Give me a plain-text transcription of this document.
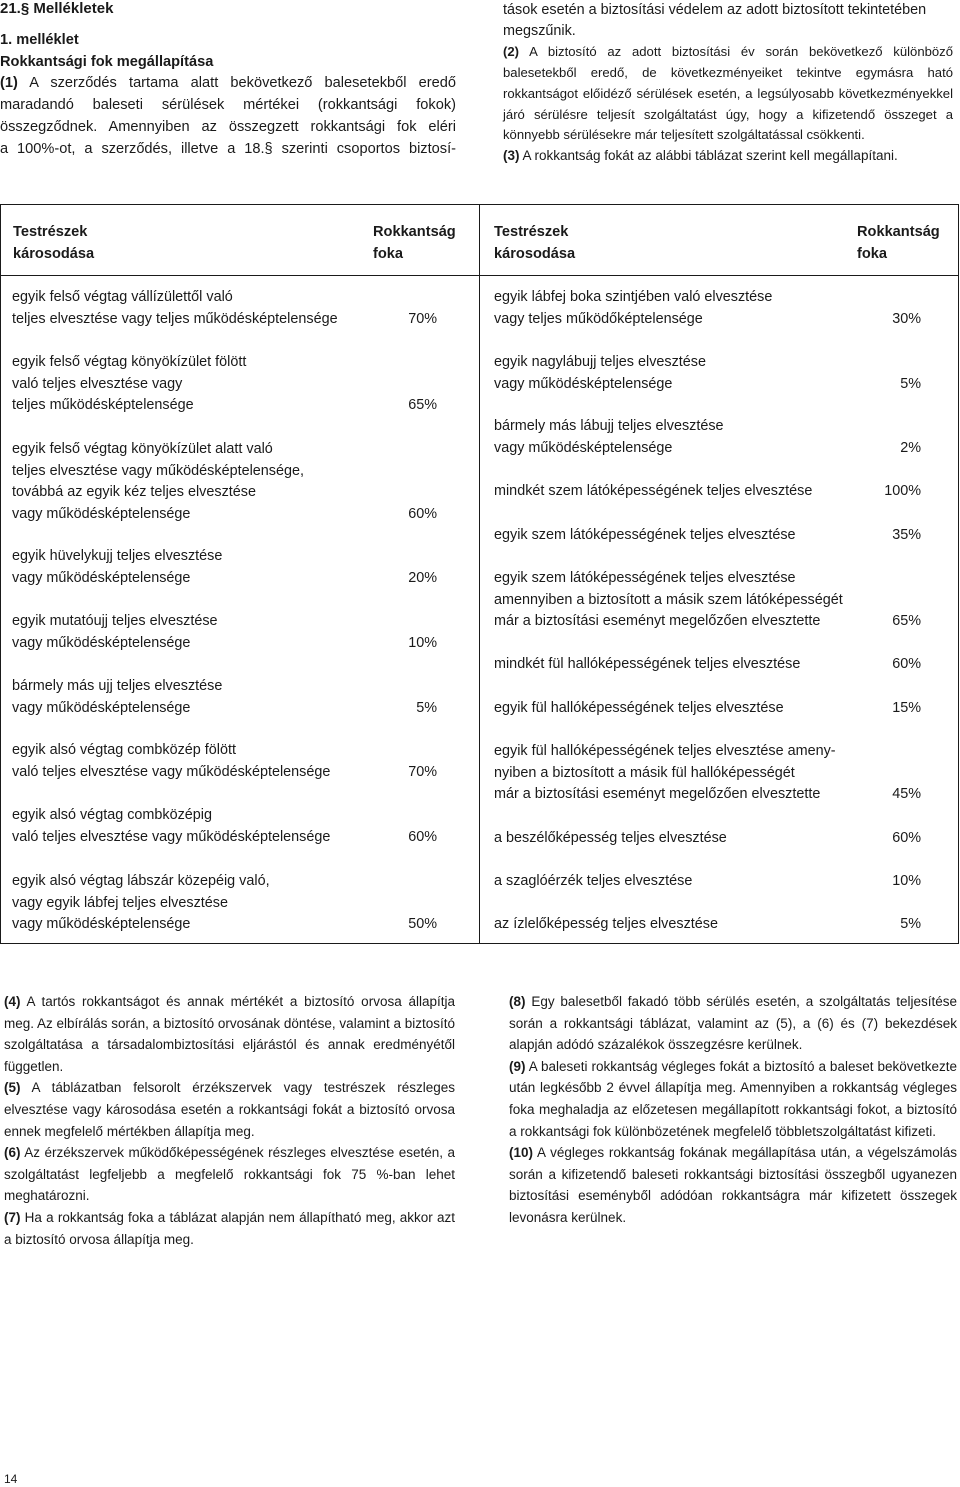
21.§ Mellékletek
1. melléklet
Rokkantsági fok megállapítása

(1) A szerződés tartama alatt bekövetkező balesetekből eredő

maradandó baleseti sérülések mértékei (rokkantsági fokok)

összegződnek. Amennyiben az összegzett rokkantsági fok eléri

a 100%-ot, a szerződés, illetve a 18.§ szerinti csoportos biztosí-

tások esetén a biztosítási védelem az adott biztosított tekintetében megszűnik.

(2) A biztosító az adott biztosítási év során bekövetkező különböző balesetekből eredő, de következményeiket tekintve egymásra ható rokkantságot előidéző sérülések esetén, a legsúlyosabb következményekkel járó sérülésre teljesít szolgáltatást úgy, hogy a kifizetendő összeget a könnyebb sérülésekre már teljesített szolgáltatással csökkenti.

(3) A rokkantság fokát az alábbi táblázat szerint kell megállapítani.

Testrészek
károsodása
Rokkantság
foka
Testrészek
károsodása
Rokkantság
foka
egyik felső végtag vállízülettől való
teljes elvesztése vagy teljes működésképtelensége	70%
egyik felső végtag könyökízület fölött
való teljes elvesztése vagy
teljes működésképtelensége	65%
egyik felső végtag könyökízület alatt való
teljes elvesztése vagy működésképtelensége,
továbbá az egyik kéz teljes elvesztése
vagy működésképtelensége	60%
egyik hüvelykujj teljes elvesztése
vagy működésképtelensége	20%
egyik mutatóujj teljes elvesztése
vagy működésképtelensége	10%
bármely más ujj teljes elvesztése
vagy működésképtelensége	5%
egyik alsó végtag combközép fölött
való teljes elvesztése vagy működésképtelensége	70%
egyik alsó végtag combközépig
való teljes elvesztése vagy működésképtelensége	60%
egyik alsó végtag lábszár közepéig való,
vagy egyik lábfej teljes elvesztése
vagy működésképtelensége	50%
egyik lábfej boka szintjében való elvesztése
vagy teljes működőképtelensége	30%
egyik nagylábujj teljes elvesztése
vagy működésképtelensége	5%
bármely más lábujj teljes elvesztése
vagy működésképtelensége	2%
mindkét szem látóképességének teljes elvesztése	100%
egyik szem látóképességének teljes elvesztése	35%
egyik szem látóképességének teljes elvesztése
amennyiben a biztosított a másik szem látóképességét
már a biztosítási eseményt megelőzően elvesztette	65%
mindkét fül hallóképességének teljes elvesztése	60%
egyik fül hallóképességének teljes elvesztése	15%
egyik fül hallóképességének teljes elvesztése ameny-
nyiben a biztosított a másik fül hallóképességét
már a biztosítási eseményt megelőzően elvesztette	45%
a beszélőképesség teljes elvesztése	60%
a szaglóérzék teljes elvesztése	10%
az ízlelőképesség teljes elvesztése	5%

(4) A tartós rokkantságot és annak mértékét a biztosító orvosa állapítja meg. Az elbírálás során, a biztosító orvosának döntése, valamint a biztosító szolgáltatása a társadalombiztosítási eljárástól és annak eredményétől független.

(5) A táblázatban felsorolt érzékszervek vagy testrészek részleges elvesztése vagy károsodása esetén a rokkantsági fokát a biztosító orvosa ennek megfelelő mértékben állapítja meg.

(6) Az érzékszervek működőképességének részleges elvesztése esetén, a szolgáltatást legfeljebb a megfelelő rokkantsági fok 75 %-ban lehet meghatározni.

(7) Ha a rokkantság foka a táblázat alapján nem állapítható meg, akkor azt a biztosító orvosa állapítja meg.

(8) Egy balesetből fakadó több sérülés esetén, a szolgáltatás teljesítése során a rokkantsági táblázat, valamint az (5), a (6) és (7) bekezdések alapján adódó százalékok összegzésre kerülnek.

(9) A baleseti rokkantság végleges fokát a biztosító a baleset bekövetkezte után legkésőbb 2 évvel állapítja meg. Amennyiben a rokkantság végleges foka meghaladja az előzetesen megállapított rokkantsági fokot, a biztosító a rokkantsági fok különbözetének megfelelő többletszolgáltatást kifizeti.

(10) A végleges rokkantság fokának megállapítása után, a végelszámolás során a kifizetendő baleseti rokkantsági biztosítási összegből ugyanezen biztosítási eseményből adódóan rokkantságra már kifizetett összegek levonásra kerülnek.

14
